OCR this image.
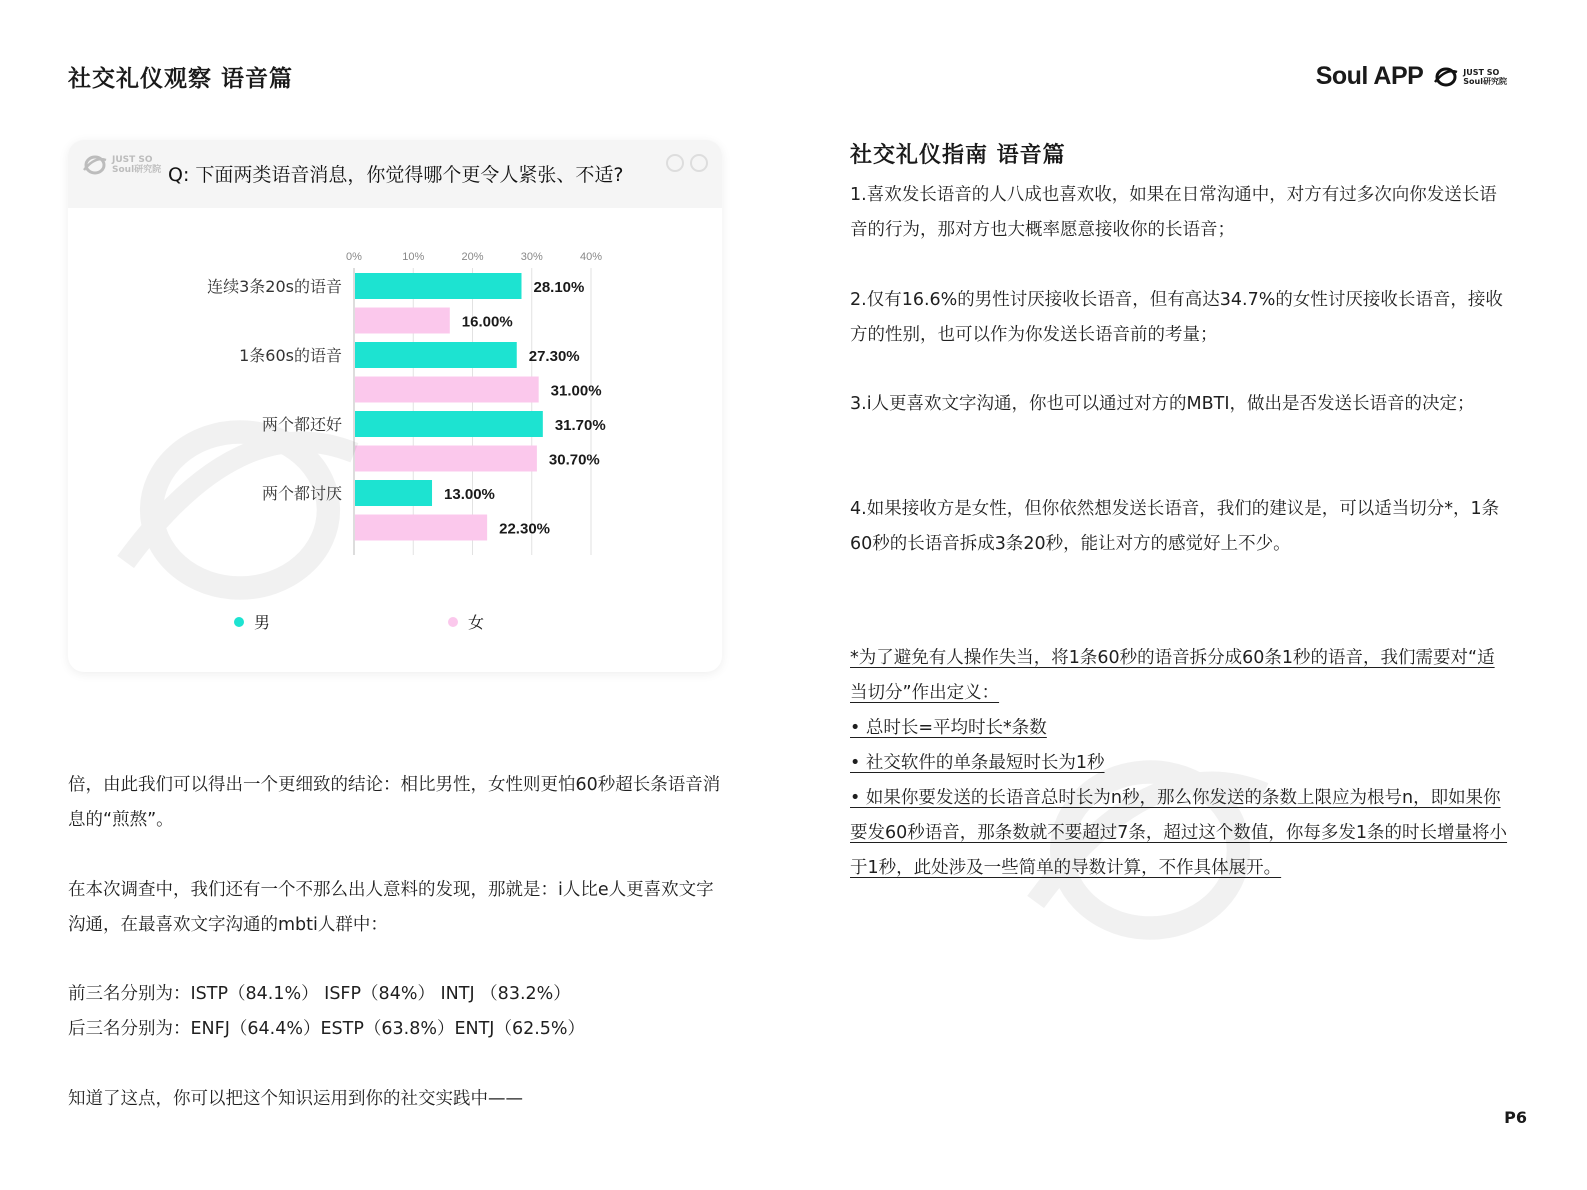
社交礼仪观察 语音篇	Soul APP	JUST SO
Soul研究院
JUST SO
Soul研究院 Q: 下面两类语音消息，你觉得哪个更令人紧张、不适?
0%	10%	20%	30%	40%
连续3条20s的语音	28.10%
16.00%
1条60s的语音	27.30%
31.00%
两个都还好	31.70%
30.70%
两个都讨厌	13.00%
22.30%
男	女
倍，由此我们可以得出一个更细致的结论：相比男性，女性则更怕60秒超长条语音消息的“煎熬”。
在本次调查中，我们还有一个不那么出人意料的发现，那就是：i人比e人更喜欢文字沟通，在最喜欢文字沟通的mbti人群中：
前三名分别为：ISTP（84.1%） ISFP（84%） INTJ （83.2%）
后三名分别为：ENFJ（64.4%）ESTP（63.8%）ENTJ（62.5%）
知道了这点，你可以把这个知识运用到你的社交实践中——
社交礼仪指南 语音篇
1.喜欢发长语音的人八成也喜欢收，如果在日常沟通中，对方有过多次向你发送长语音的行为，那对方也大概率愿意接收你的长语音；
2.仅有16.6%的男性讨厌接收长语音，但有高达34.7%的女性讨厌接收长语音，接收方的性别，也可以作为你发送长语音前的考量；
3.i人更喜欢文字沟通，你也可以通过对方的MBTI，做出是否发送长语音的决定；
4.如果接收方是女性，但你依然想发送长语音，我们的建议是，可以适当切分*，1条60秒的长语音拆成3条20秒，能让对方的感觉好上不少。
*为了避免有人操作失当，将1条60秒的语音拆分成60条1秒的语音，我们需要对“适当切分”作出定义：
• 总时长=平均时长*条数
• 社交软件的单条最短时长为1秒
• 如果你要发送的长语音总时长为n秒，那么你发送的条数上限应为根号n，即如果你要发60秒语音，那条数就不要超过7条，超过这个数值，你每多发1条的时长增量将小于1秒，此处涉及一些简单的导数计算，不作具体展开。
P6
